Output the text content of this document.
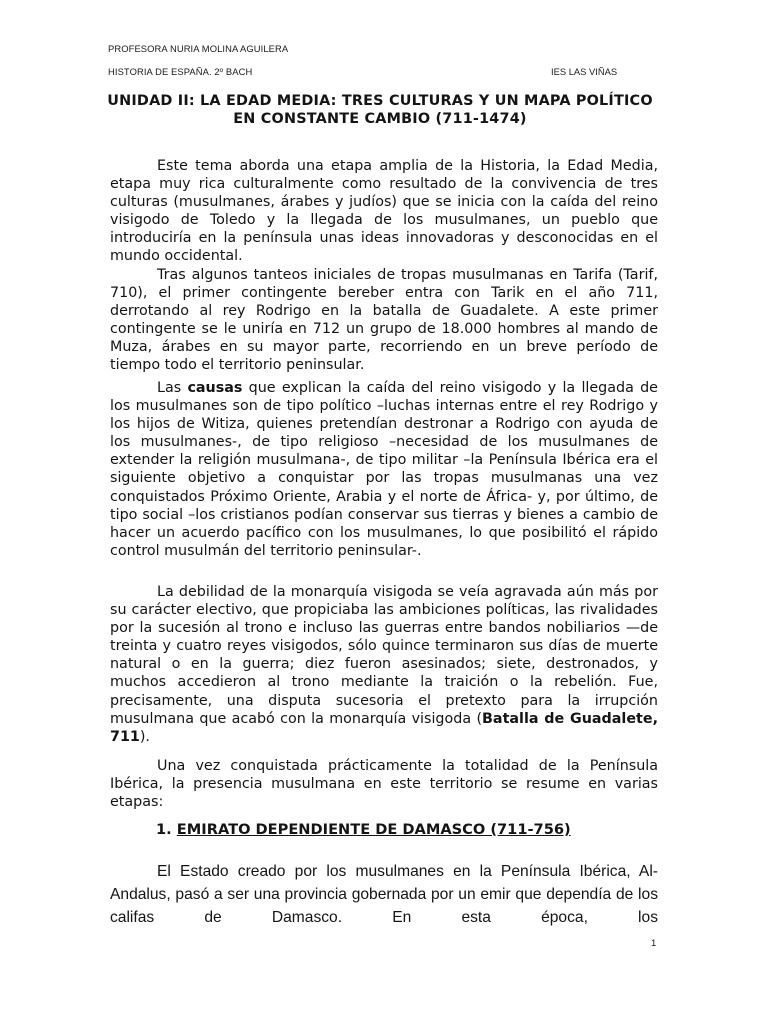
PROFESORA NURIA MOLINA AGUILERA
HISTORIA DE ESPAÑA. 2º BACH	IES LAS VIÑAS
UNIDAD II: LA EDAD MEDIA: TRES CULTURAS Y UN MAPA POLÍTICO EN CONSTANTE CAMBIO (711-1474)

Este tema aborda una etapa amplia de la Historia, la Edad Media, etapa muy rica culturalmente como resultado de la convivencia de tres culturas (musulmanes, árabes y judíos) que se inicia con la caída del reino visigodo de Toledo y la llegada de los musulmanes, un pueblo que introduciría en la península unas ideas innovadoras y desconocidas en el mundo occidental.

Tras algunos tanteos iniciales de tropas musulmanas en Tarifa (Tarif, 710), el primer contingente bereber entra con Tarik en el año 711, derrotando al rey Rodrigo en la batalla de Guadalete. A este primer contingente se le uniría en 712 un grupo de 18.000 hombres al mando de Muza, árabes en su mayor parte, recorriendo en un breve período de tiempo todo el territorio peninsular.

Las causas que explican la caída del reino visigodo y la llegada de los musulmanes son de tipo político –luchas internas entre el rey Rodrigo y los hijos de Witiza, quienes pretendían destronar a Rodrigo con ayuda de los musulmanes-, de tipo religioso –necesidad de los musulmanes de extender la religión musulmana-, de tipo militar –la Península Ibérica era el siguiente objetivo a conquistar por las tropas musulmanas una vez conquistados Próximo Oriente, Arabia y el norte de África- y, por último, de tipo social –los cristianos podían conservar sus tierras y bienes a cambio de hacer un acuerdo pacífico con los musulmanes, lo que posibilitó el rápido control musulmán del territorio peninsular-.

La debilidad de la monarquía visigoda se veía agravada aún más por su carácter electivo, que propiciaba las ambiciones políticas, las rivalidades por la sucesión al trono e incluso las guerras entre bandos nobiliarios —de treinta y cuatro reyes visigodos, sólo quince terminaron sus días de muerte natural o en la guerra; diez fueron asesinados; siete, destronados, y muchos accedieron al trono mediante la traición o la rebelión. Fue, precisamente, una disputa sucesoria el pretexto para la irrupción musulmana que acabó con la monarquía visigoda (Batalla de Guadalete, 711).

Una vez conquistada prácticamente la totalidad de la Península Ibérica, la presencia musulmana en este territorio se resume en varias etapas:

1. EMIRATO DEPENDIENTE DE DAMASCO (711-756)

El Estado creado por los musulmanes en la Península Ibérica, Al-Andalus, pasó a ser una provincia gobernada por un emir que dependía de los califas de Damasco. En esta época, los

1
